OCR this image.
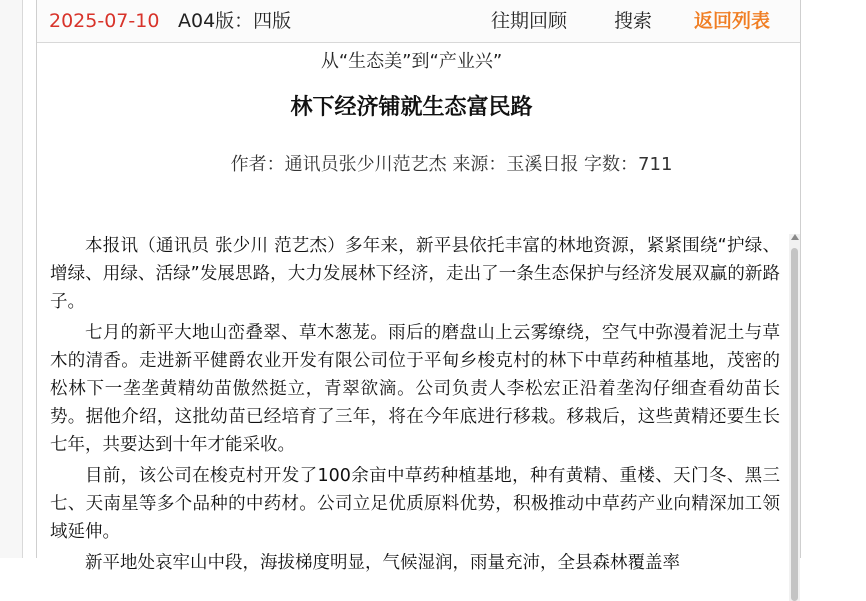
2025-07-10 A04版：四版	往期回顾 搜索 返回列表
从“生态美”到“产业兴”
林下经济铺就生态富民路
作者：通讯员张少川范艺杰 来源：玉溪日报 字数：711

本报讯（通讯员 张少川 范艺杰）多年来，新平县依托丰富的林地资源，紧紧围绕“护绿、增绿、用绿、活绿”发展思路，大力发展林下经济，走出了一条生态保护与经济发展双赢的新路子。

七月的新平大地山峦叠翠、草木葱茏。雨后的磨盘山上云雾缭绕，空气中弥漫着泥土与草木的清香。走进新平健爵农业开发有限公司位于平甸乡梭克村的林下中草药种植基地，茂密的松林下一垄垄黄精幼苗傲然挺立，青翠欲滴。公司负责人李松宏正沿着垄沟仔细查看幼苗长势。据他介绍，这批幼苗已经培育了三年，将在今年底进行移栽。移栽后，这些黄精还要生长七年，共要达到十年才能采收。

目前，该公司在梭克村开发了100余亩中草药种植基地，种有黄精、重楼、天门冬、黑三七、天南星等多个品种的中药材。公司立足优质原料优势，积极推动中草药产业向精深加工领域延伸。

新平地处哀牢山中段，海拔梯度明显，气候湿润，雨量充沛，全县森林覆盖率
